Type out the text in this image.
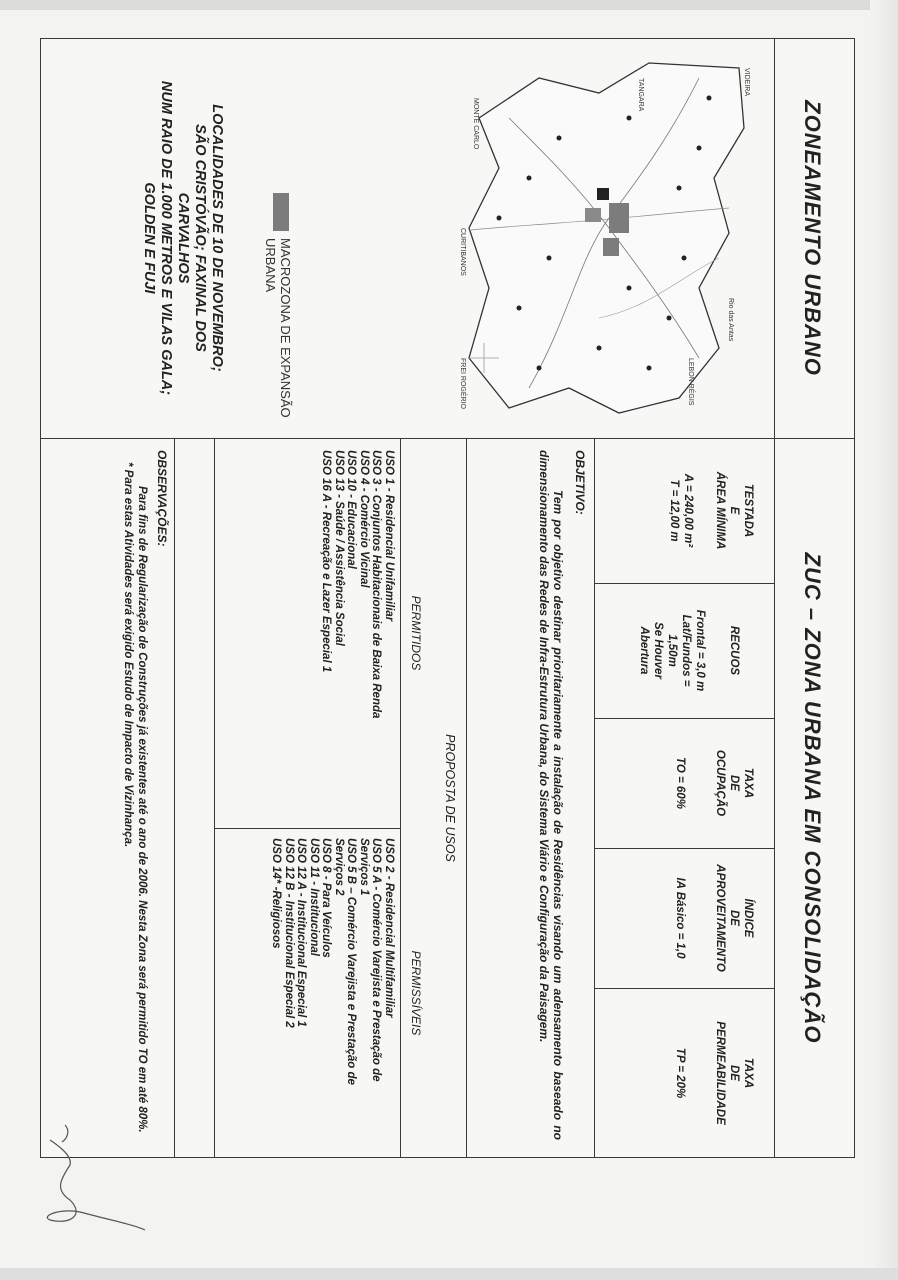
ZONEAMENTO URBANO
ZUC – ZONA URBANA EM CONSOLIDAÇÃO
VIDEIRA
TANGARA
MONTE CARLO
Rio das Antas
LEBON RÉGIS
FREI ROGÉRIO
CURITIBANOS
MACROZONA DE EXPANSÃO URBANA
LOCALIDADES DE 10 DE NOVEMBRO;
SÃO CRISTÓVÃO; FAXINAL DOS
CARVALHOS
NUM RAIO DE 1.000 METROS E VILAS GALA;
GOLDEN E FUJI
TESTADA
E
ÁREA MÍNIMA
RECUOS
TAXA
DE
OCUPAÇÃO
ÍNDICE
DE
APROVEITAMENTO
TAXA
DE
PERMEABILIDADE
A = 240,00 m²
T = 12,00 m
Frontal = 3,0 m
Lat/Fundos =
1,50m
Se Houver
Abertura
TO = 60%
IA Básico = 1,0
TP = 20%
OBJETIVO:
Tem por objetivo destinar prioritariamente a instalação de Residências visando um adensamento baseado no dimensionamento das Redes de Infra-Estrutura Urbana, do Sistema Viário e Configuração da Paisagem.
PROPOSTA DE USOS
PERMITIDOS
PERMISSÍVEIS
USO 1 - Residencial Unifamiliar
USO 3 - Conjuntos Habitacionais de Baixa Renda
USO 4 - Comércio Vicinal
USO 10 - Educacional
USO 13 - Saúde / Assistência Social
USO 16 A - Recreação e Lazer Especial 1
USO 2 - Residencial Multifamiliar
USO 5 A - Comércio Varejista e Prestação de
Serviços 1
USO 5 B – Comércio Varejista e Prestação de
Serviços 2
USO 8 - Para Veículos
USO 11 - Institucional
USO 12 A - Institucional Especial 1
USO 12 B - Institucional Especial 2
USO 14* -Religiosos
OBSERVAÇÕES:

Para fins de Regularização de Construções já existentes até o ano de 2006. Nesta Zona será permitido TO em até 80%.

* Para estas Atividades será exigido Estudo de Impacto de Vizinhança.
